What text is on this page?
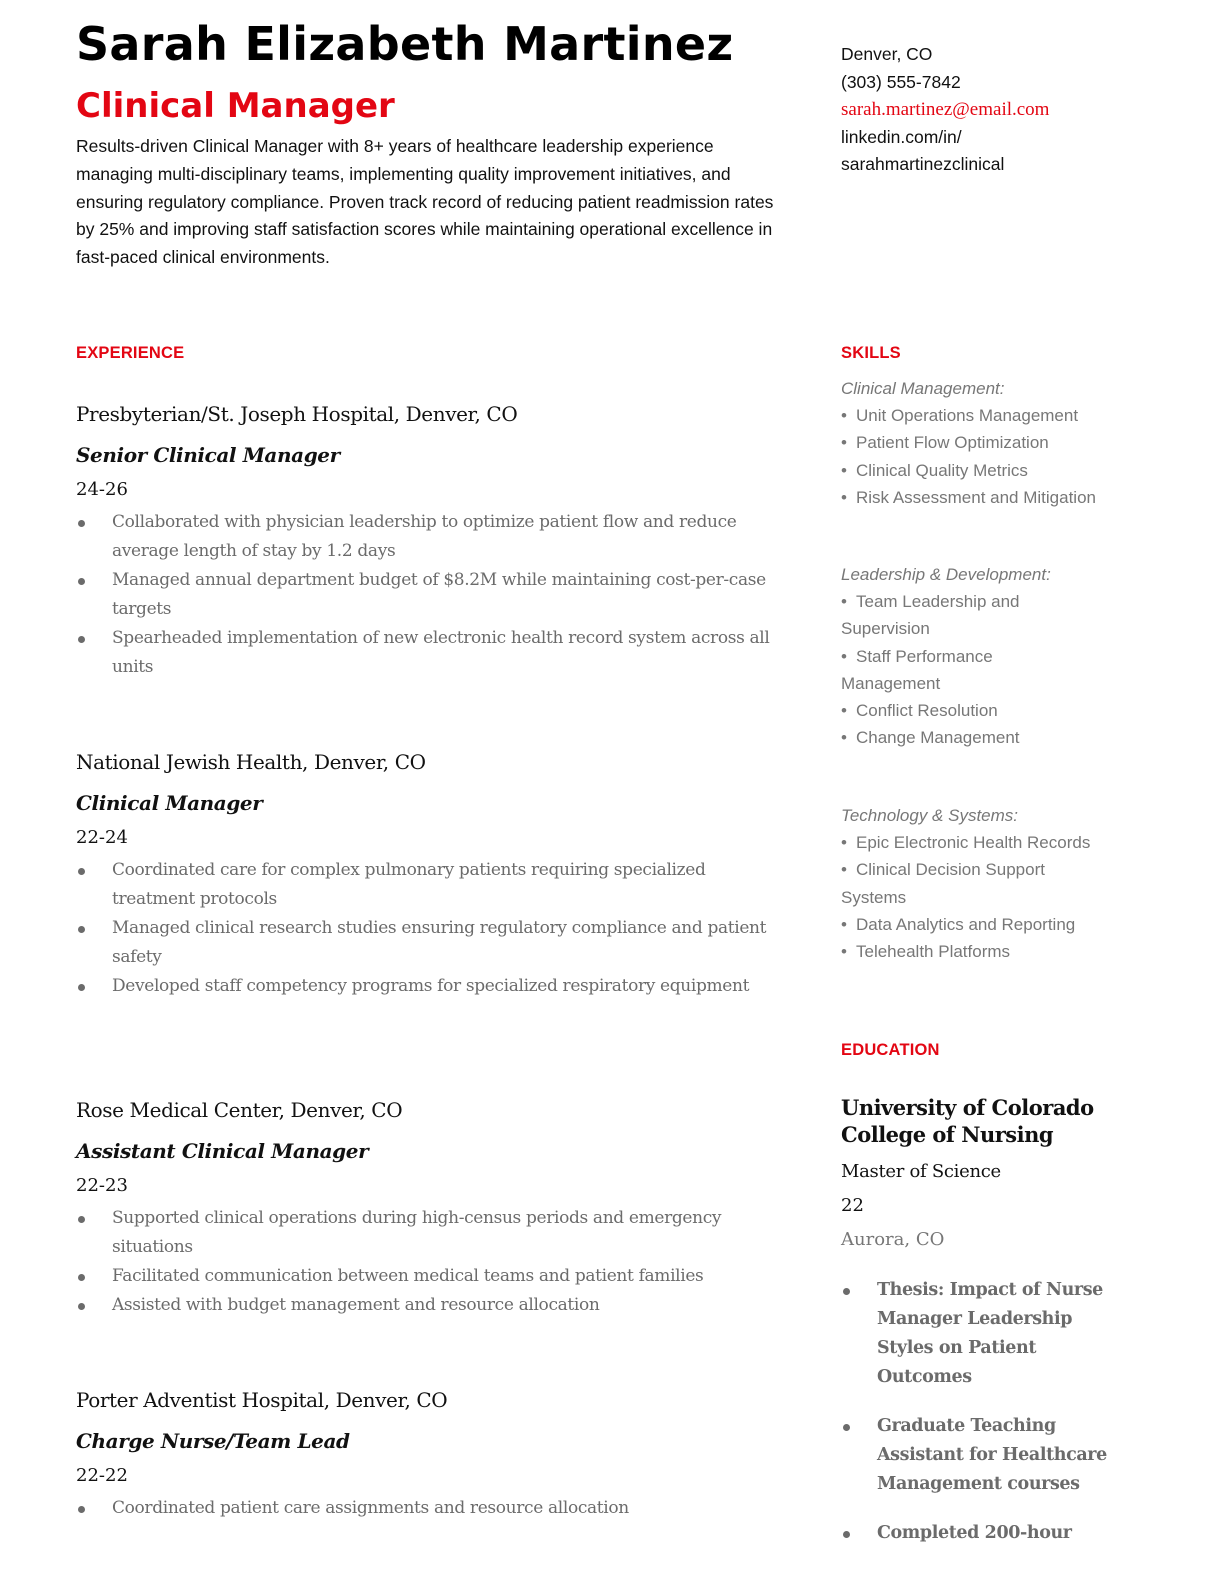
Sarah Elizabeth Martinez
Clinical Manager

Results-driven Clinical Manager with 8+ years of healthcare leadership experience managing multi-disciplinary teams, implementing quality improvement initiatives, and ensuring regulatory compliance. Proven track record of reducing patient readmission rates by 25% and improving staff satisfaction scores while maintaining operational excellence in fast-paced clinical environments.

Denver, CO
(303) 555-7842
sarah.martinez@email.com
linkedin.com/in/
sarahmartinezclinical
EXPERIENCE
Presbyterian/St. Joseph Hospital, Denver, CO
Senior Clinical Manager
24-26
Collaborated with physician leadership to optimize patient flow and reduce average length of stay by 1.2 days
Managed annual department budget of $8.2M while maintaining cost-per-case targets
Spearheaded implementation of new electronic health record system across all units
National Jewish Health, Denver, CO
Clinical Manager
22-24
Coordinated care for complex pulmonary patients requiring specialized treatment protocols
Managed clinical research studies ensuring regulatory compliance and patient safety
Developed staff competency programs for specialized respiratory equipment
Rose Medical Center, Denver, CO
Assistant Clinical Manager
22-23
Supported clinical operations during high-census periods and emergency situations
Facilitated communication between medical teams and patient families
Assisted with budget management and resource allocation
Porter Adventist Hospital, Denver, CO
Charge Nurse/Team Lead
22-22
Coordinated patient care assignments and resource allocation
SKILLS
Clinical Management:
• Unit Operations Management
• Patient Flow Optimization
• Clinical Quality Metrics
• Risk Assessment and Mitigation
Leadership & Development:
• Team Leadership and Supervision
• Staff Performance Management
• Conflict Resolution
• Change Management
Technology & Systems:
• Epic Electronic Health Records
• Clinical Decision Support Systems
• Data Analytics and Reporting
• Telehealth Platforms
EDUCATION
University of Colorado College of Nursing
Master of Science
22
Aurora, CO
Thesis: Impact of Nurse Manager Leadership Styles on Patient Outcomes
Graduate Teaching Assistant for Healthcare Management courses
Completed 200-hour
